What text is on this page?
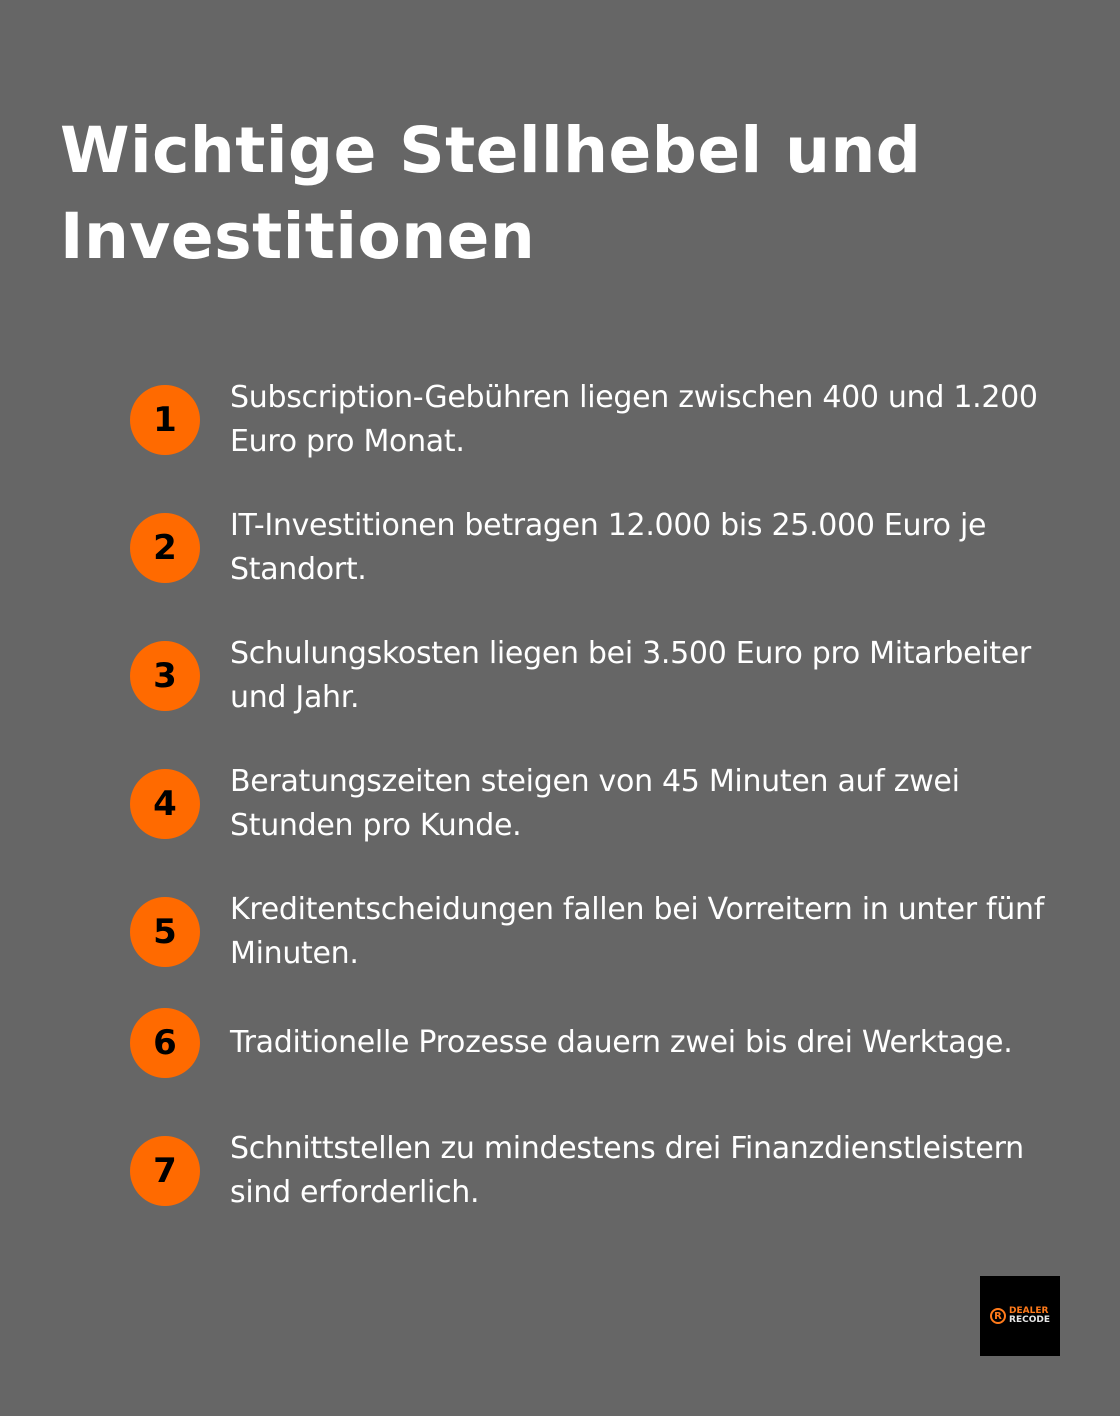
Wichtige Stellhebel und Investitionen
1
Subscription-Gebühren liegen zwischen 400 und 1.200 Euro pro Monat.
2
IT-Investitionen betragen 12.000 bis 25.000 Euro je Standort.
3
Schulungskosten liegen bei 3.500 Euro pro Mitarbeiter und Jahr.
4
Beratungszeiten steigen von 45 Minuten auf zwei Stunden pro Kunde.
5
Kreditentscheidungen fallen bei Vorreitern in unter fünf Minuten.
6	Traditionelle Prozesse dauern zwei bis drei Werktage.
7
Schnittstellen zu mindestens drei Finanzdienstleistern sind erforderlich.
R DEALER
RECODE
